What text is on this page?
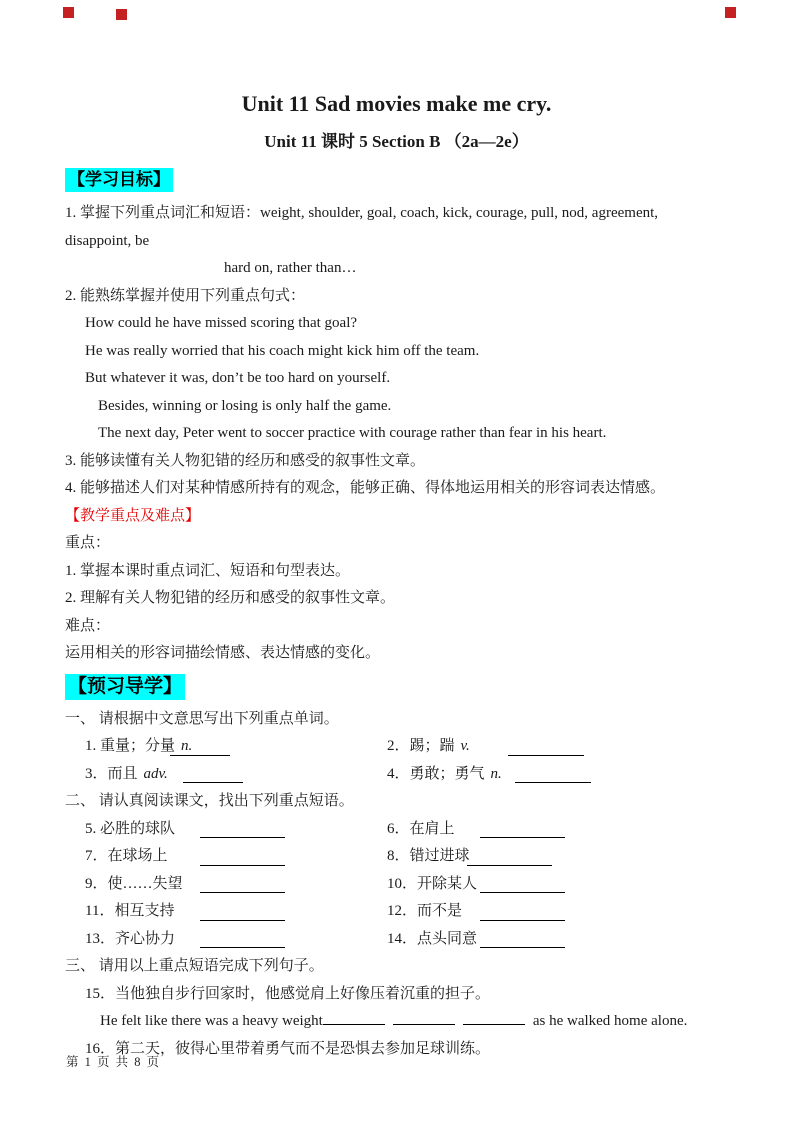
Unit 11 Sad movies make me cry.
Unit 11 课时 5 Section B （2a—2e）
【学习目标】

1. 掌握下列重点词汇和短语：weight, shoulder, goal, coach, kick, courage, pull, nod, agreement, disappoint, be

hard on, rather than…

2. 能熟练掌握并使用下列重点句式：

How could he have missed scoring that goal?

He was really worried that his coach might kick him off the team.

But whatever it was, don’t be too hard on yourself.

Besides, winning or losing is only half the game.

The next day, Peter went to soccer practice with courage rather than fear in his heart.

3. 能够读懂有关人物犯错的经历和感受的叙事性文章。

4. 能够描述人们对某种情感所持有的观念，能够正确、得体地运用相关的形容词表达情感。

【教学重点及难点】

重点：

1. 掌握本课时重点词汇、短语和句型表达。

2. 理解有关人物犯错的经历和感受的叙事性文章。

难点：

运用相关的形容词描绘情感、表达情感的变化。

【预习导学】

一、 请根据中文意思写出下列重点单词。

1. 重量；分量 n.	2．踢；踹 v.
3．而且 adv.	4．勇敢；勇气 n.

二、 请认真阅读课文，找出下列重点短语。

5. 必胜的球队	6．在肩上
7．在球场上	8．错过进球
9．使……失望	10．开除某人
11．相互支持	12．而不是
13．齐心协力	14．点头同意

三、 请用以上重点短语完成下列句子。

15．当他独自步行回家时，他感觉肩上好像压着沉重的担子。

He felt like there was a heavy weight	as he walked home alone.

16．第二天，彼得心里带着勇气而不是恐惧去参加足球训练。

第 1 页 共 8 页
